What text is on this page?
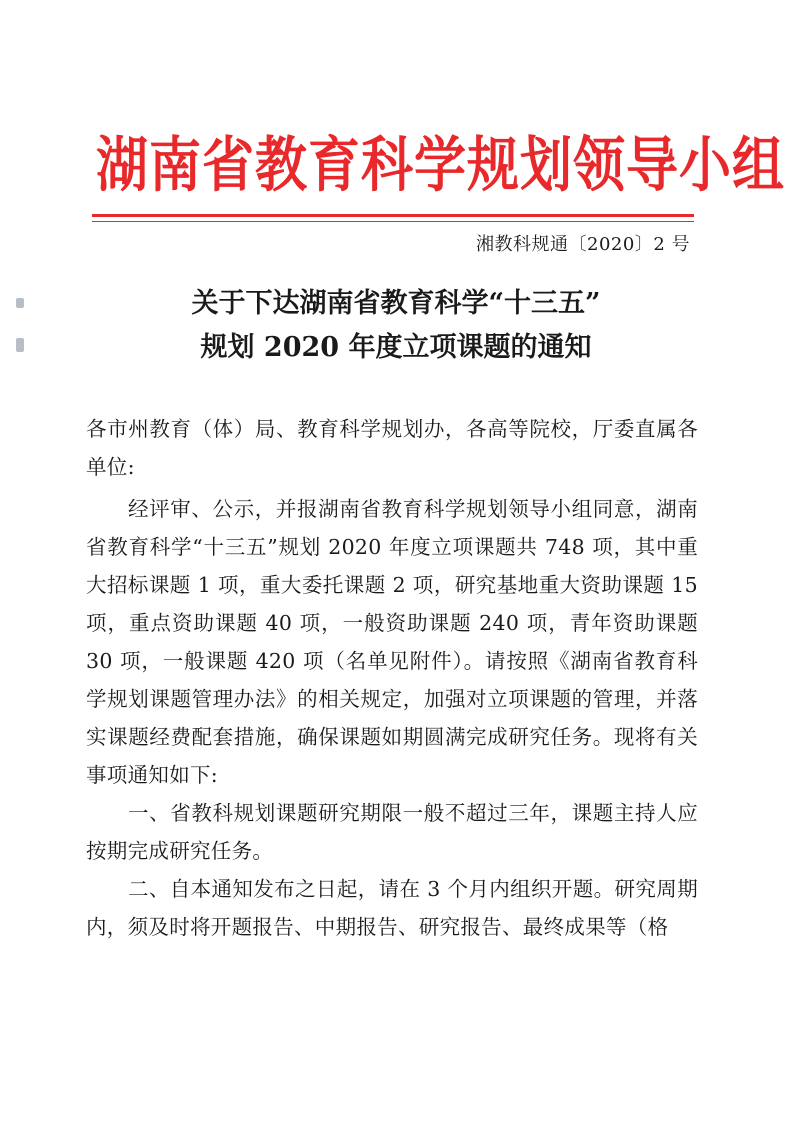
湖南省教育科学规划领导小组
湘教科规通〔2020〕2 号
关于下达湖南省教育科学“十三五”
规划 2020 年度立项课题的通知

各市州教育（体）局、教育科学规划办，各高等院校，厅委直属各单位:

经评审、公示，并报湖南省教育科学规划领导小组同意，湖南省教育科学“十三五”规划 2020 年度立项课题共 748 项，其中重大招标课题 1 项，重大委托课题 2 项，研究基地重大资助课题 15 项，重点资助课题 40 项，一般资助课题 240 项，青年资助课题 30 项，一般课题 420 项（名单见附件）。请按照《湖南省教育科学规划课题管理办法》的相关规定，加强对立项课题的管理，并落实课题经费配套措施，确保课题如期圆满完成研究任务。现将有关事项通知如下:

一、省教科规划课题研究期限一般不超过三年，课题主持人应按期完成研究任务。

二、自本通知发布之日起，请在 3 个月内组织开题。研究周期内，须及时将开题报告、中期报告、研究报告、最终成果等（格
